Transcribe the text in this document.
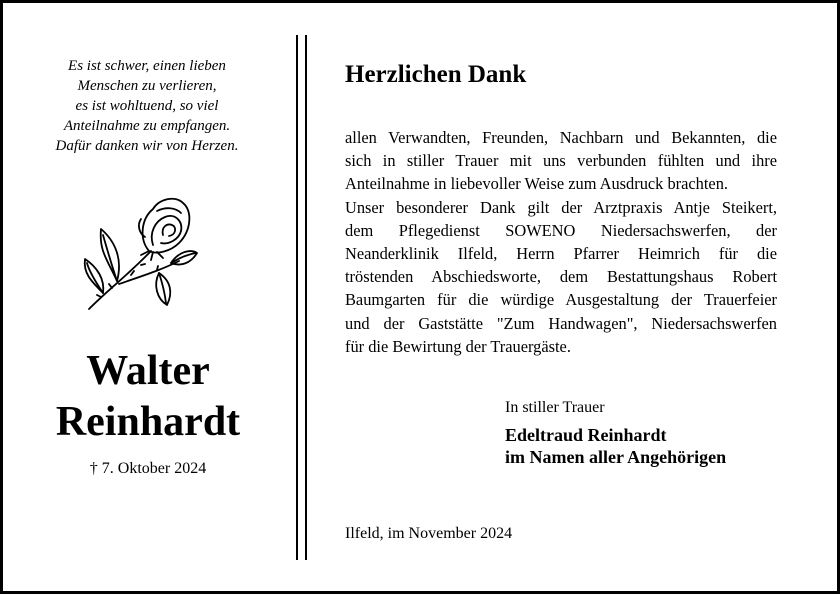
Es ist schwer, einen lieben
Menschen zu verlieren,
es ist wohltuend, so viel
Anteilnahme zu empfangen.
Dafür danken wir von Herzen.
Walter
Reinhardt
† 7. Oktober 2024
Herzlichen Dank
allen Verwandten, Freunden, Nachbarn und Bekannten, die
sich in stiller Trauer mit uns verbunden fühlten und ihre
Anteilnahme in liebevoller Weise zum Ausdruck brachten.
Unser besonderer Dank gilt der Arztpraxis Antje Steikert,
dem Pflegedienst SOWENO Niedersachswerfen, der
Neanderklinik Ilfeld, Herrn Pfarrer Heimrich für die
tröstenden Abschiedsworte, dem Bestattungshaus Robert
Baumgarten für die würdige Ausgestaltung der Trauerfeier
und der Gaststätte "Zum Handwagen", Niedersachswerfen
für die Bewirtung der Trauergäste.
In stiller Trauer
Edeltraud Reinhardt
im Namen aller Angehörigen
Ilfeld, im November 2024
